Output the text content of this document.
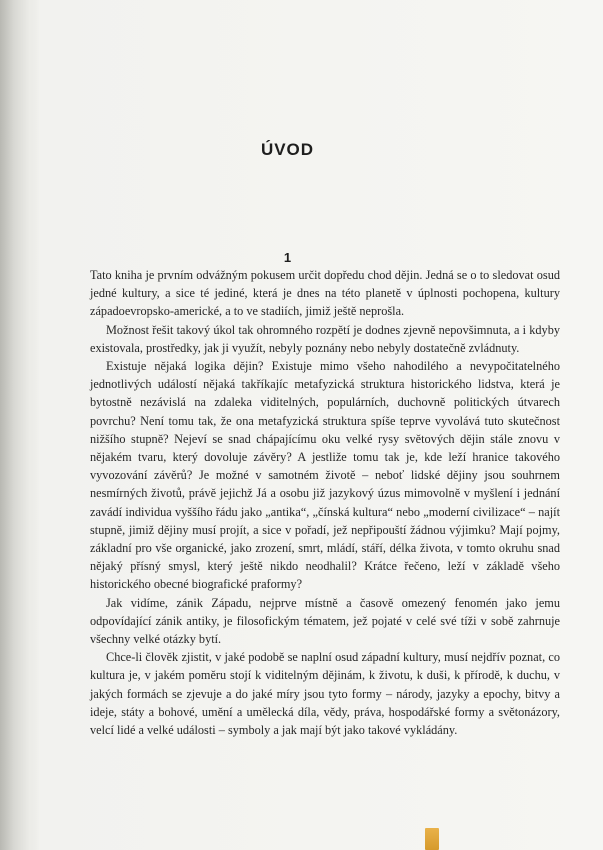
ÚVOD
1

Tato kniha je prvním odvážným pokusem určit dopředu chod dějin. Jedná se o to sledovat osud jedné kultury, a sice té jediné, která je dnes na této planetě v úplnosti pochopena, kultury západoevropsko-americké, a to ve stadiích, jimiž ještě neprošla.

Možnost řešit takový úkol tak ohromného rozpětí je dodnes zjevně nepovšimnuta, a i kdyby existovala, prostředky, jak ji využít, nebyly poznány nebo nebyly dostatečně zvládnuty.

Existuje nějaká logika dějin? Existuje mimo všeho nahodilého a nevypočitatelného jednotlivých událostí nějaká takříkajíc metafyzická struktura historického lidstva, která je bytostně nezávislá na zdaleka viditelných, populárních, duchovně politických útvarech povrchu? Není tomu tak, že ona metafyzická struktura spíše teprve vyvolává tuto skutečnost nižšího stupně? Nejeví se snad chápajícímu oku velké rysy světových dějin stále znovu v nějakém tvaru, který dovoluje závěry? A jestliže tomu tak je, kde leží hranice takového vyvozování závěrů? Je možné v samotném životě – neboť lidské dějiny jsou souhrnem nesmírných životů, právě jejichž Já a osobu již jazykový úzus mimovolně v myšlení i jednání zavádí individua vyššího řádu jako „antika“, „čínská kultura“ nebo „moderní civilizace“ – najít stupně, jimiž dějiny musí projít, a sice v pořadí, jež nepřipouští žádnou výjimku? Mají pojmy, základní pro vše organické, jako zrození, smrt, mládí, stáří, délka života, v tomto okruhu snad nějaký přísný smysl, který ještě nikdo neodhalil? Krátce řečeno, leží v základě všeho historického obecné biografické praformy?

Jak vidíme, zánik Západu, nejprve místně a časově omezený fenomén jako jemu odpovídající zánik antiky, je filosofickým tématem, jež pojaté v celé své tíži v sobě zahrnuje všechny velké otázky bytí.

Chce-li člověk zjistit, v jaké podobě se naplní osud západní kultury, musí nejdřív poznat, co kultura je, v jakém poměru stojí k viditelným dějinám, k životu, k duši, k přírodě, k duchu, v jakých formách se zjevuje a do jaké míry jsou tyto formy – národy, jazyky a epochy, bitvy a ideje, státy a bohové, umění a umělecká díla, vědy, práva, hospodářské formy a světonázory, velcí lidé a velké události – symboly a jak mají být jako takové vykládány.
